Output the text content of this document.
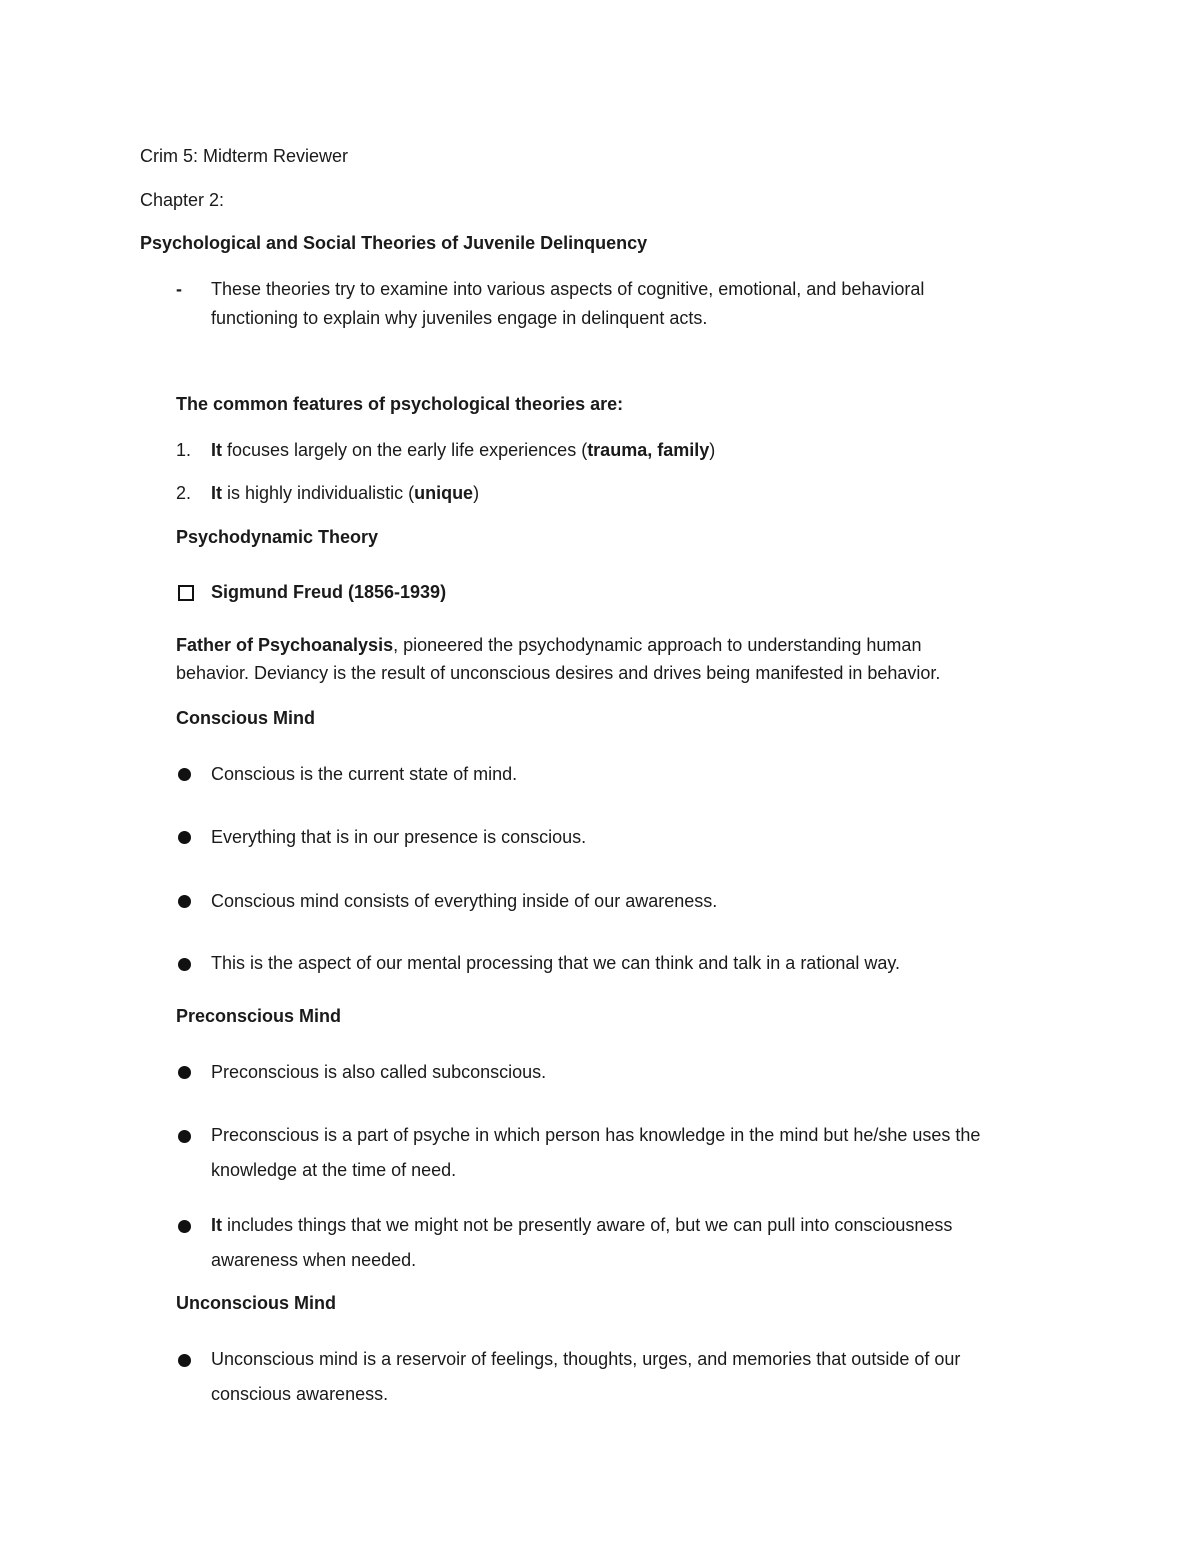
Crim 5: Midterm Reviewer
Chapter 2:
Psychological and Social Theories of Juvenile Delinquency
- These theories try to examine into various aspects of cognitive, emotional, and behavioral
functioning to explain why juveniles engage in delinquent acts.
The common features of psychological theories are:
1. It focuses largely on the early life experiences (trauma, family)
2. It is highly individualistic (unique)
Psychodynamic Theory
Sigmund Freud (1856-1939)
Father of Psychoanalysis, pioneered the psychodynamic approach to understanding human
behavior. Deviancy is the result of unconscious desires and drives being manifested in behavior.
Conscious Mind
Conscious is the current state of mind.
Everything that is in our presence is conscious.
Conscious mind consists of everything inside of our awareness.
This is the aspect of our mental processing that we can think and talk in a rational way.
Preconscious Mind
Preconscious is also called subconscious.
Preconscious is a part of psyche in which person has knowledge in the mind but he/she uses the
knowledge at the time of need.
It includes things that we might not be presently aware of, but we can pull into consciousness
awareness when needed.
Unconscious Mind
Unconscious mind is a reservoir of feelings, thoughts, urges, and memories that outside of our
conscious awareness.
